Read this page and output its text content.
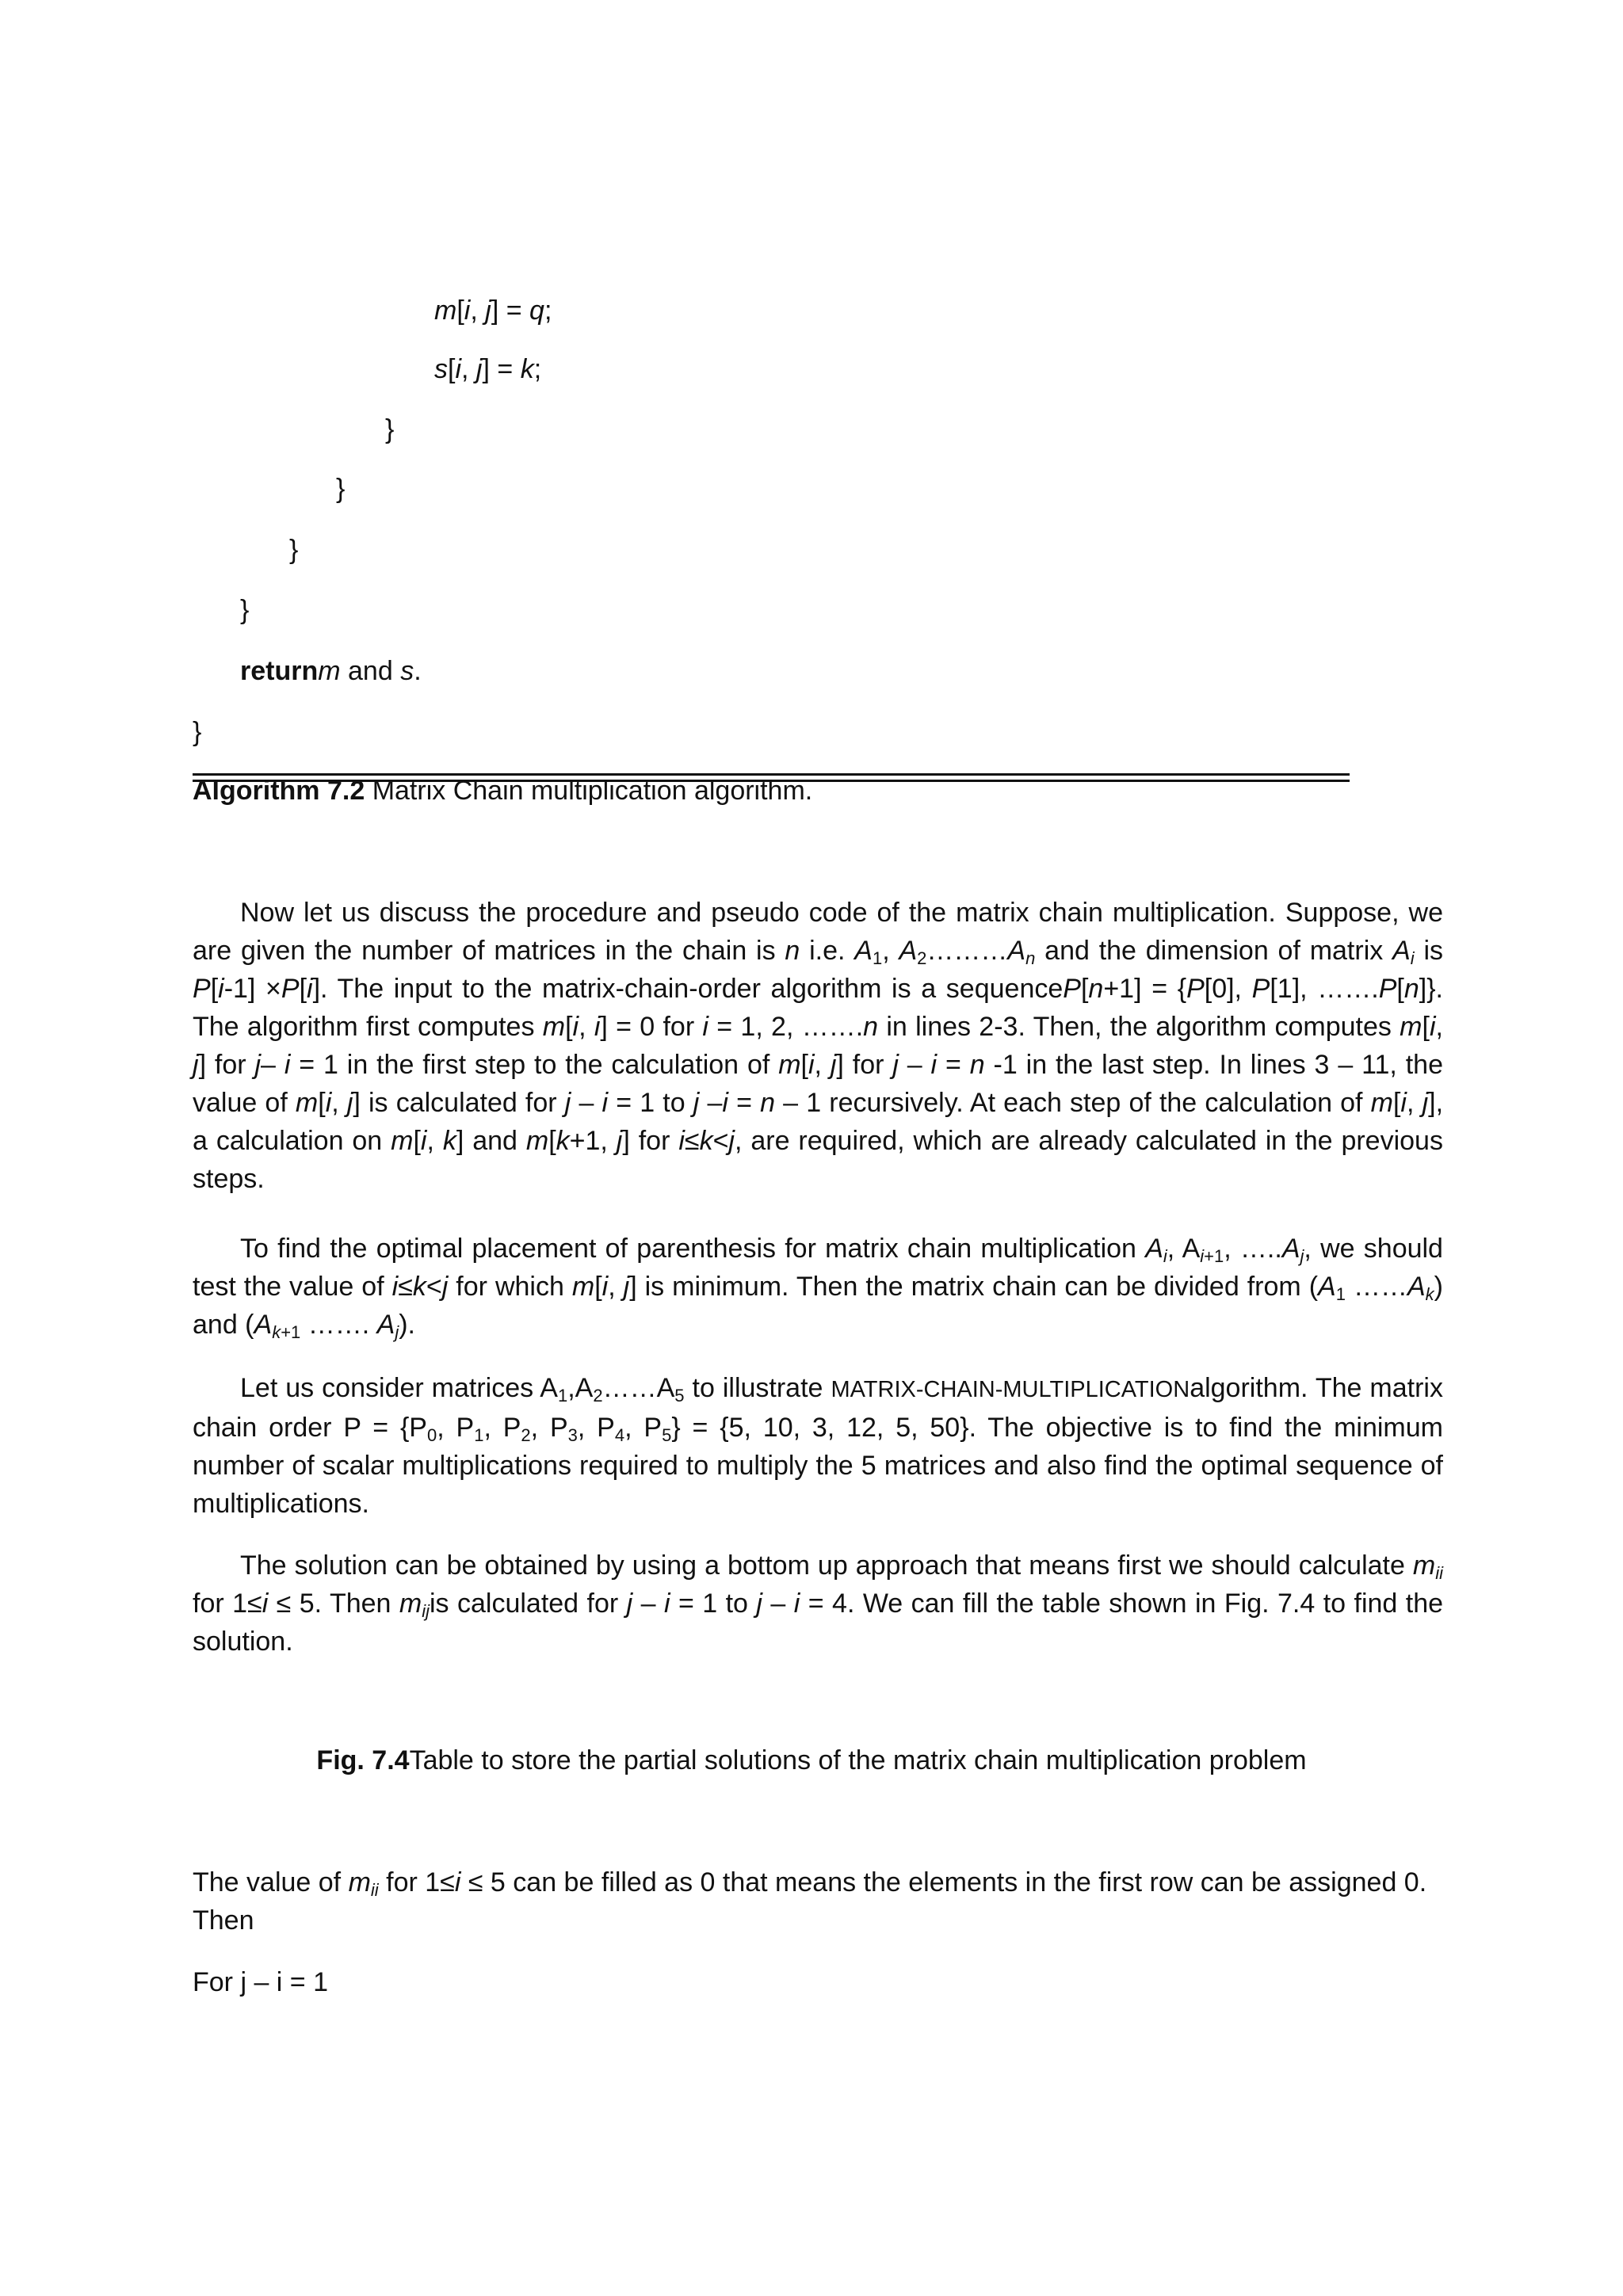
m[i, j] = q;
s[i, j] = k;
}
}
}
}
returnm and s.
}
Algorithm 7.2 Matrix Chain multiplication algorithm.
Now let us discuss the procedure and pseudo code of the matrix chain multiplication. Suppose, we are given the number of matrices in the chain is n i.e. $A_1$, $A_2\dots\dots\dots A_n$ and the dimension of matrix $A_i$ is P[i-1] ×P[i]. The input to the matrix-chain-order algorithm is a sequenceP[n+1] = {P[0], P[1], …….P[n]}. The algorithm first computes m[i, i] = 0 for i = 1, 2, …….n in lines 2-3. Then, the algorithm computes m[i, j] for j– i = 1 in the first step to the calculation of m[i, j] for j – i = n -1 in the last step. In lines 3 – 11, the value of m[i, j] is calculated for j – i = 1 to j –i = n – 1 recursively. At each step of the calculation of m[i, j], a calculation on m[i, k] and m[k+1, j] for i≤k<j, are required, which are already calculated in the previous steps.
To find the optimal placement of parenthesis for matrix chain multiplication $A_i$, $A_{i+1}$, $\dots..A_j$, we should test the value of i≤k<j for which m[i, j] is minimum. Then the matrix chain can be divided from ($A_1$ $\dots\dots A_k$) and ($A_{k+1}$ ……. $A_j$).
Let us consider matrices $A_1,A_2\dots\dots A_5$ to illustrate MATRIX-CHAIN-MULTIPLICATIONalgorithm. The matrix chain order $P = \{P_0$, $P_1$, $P_2$, $P_3$, $P_4$, $P_5\} = \{5$, 10, 3, 12, 5, 50}. The objective is to find the minimum number of scalar multiplications required to multiply the 5 matrices and also find the optimal sequence of multiplications.
The solution can be obtained by using a bottom up approach that means first we should calculate $m_{ii}$ for 1≤i ≤ 5. Then $m_{ij}is$ calculated for j – i = 1 to j – i = 4. We can fill the table shown in Fig. 7.4 to find the solution.
Fig. 7.4Table to store the partial solutions of the matrix chain multiplication problem
The value of $m_{ii}$ for 1≤i ≤ 5 can be filled as 0 that means the elements in the first row can be assigned 0. Then
For j – i = 1
